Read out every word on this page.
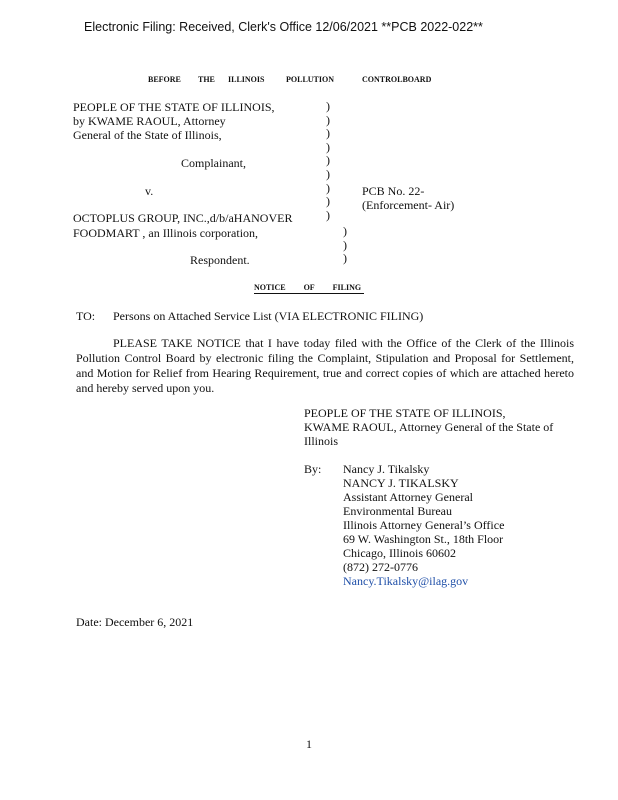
Electronic Filing: Received, Clerk's Office 12/06/2021 **PCB 2022-022**
BEFORE THE ILLINOIS	POLLUTION	CONTROLBOARD
PEOPLE OF THE STATE OF ILLINOIS,
by KWAME RAOUL, Attorney
General of the State of Illinois,
Complainant,
v.
OCTOPLUS GROUP, INC.,d/b/aHANOVER
FOODMART , an Illinois corporation,
Respondent.
)
)
)
)
)
)
)
)
)
)
)
)
PCB No. 22-
(Enforcement- Air)
NOTICE OF FILING
TO: Persons on Attached Service List (VIA ELECTRONIC FILING)
PLEASE TAKE NOTICE that I have today filed with the Office of the Clerk of the Illinois Pollution Control Board by electronic filing the Complaint, Stipulation and Proposal for Settlement, and Motion for Relief from Hearing Requirement, true and correct copies of which are attached hereto and hereby served upon you.
PEOPLE OF THE STATE OF ILLINOIS,
KWAME RAOUL, Attorney General of the State of
Illinois
By: Nancy J. Tikalsky
NANCY J. TIKALSKY
Assistant Attorney General
Environmental Bureau
Illinois Attorney General’s Office
69 W. Washington St., 18th Floor
Chicago, Illinois 60602
(872) 272-0776
Nancy.Tikalsky@ilag.gov
Date: December 6, 2021
1
